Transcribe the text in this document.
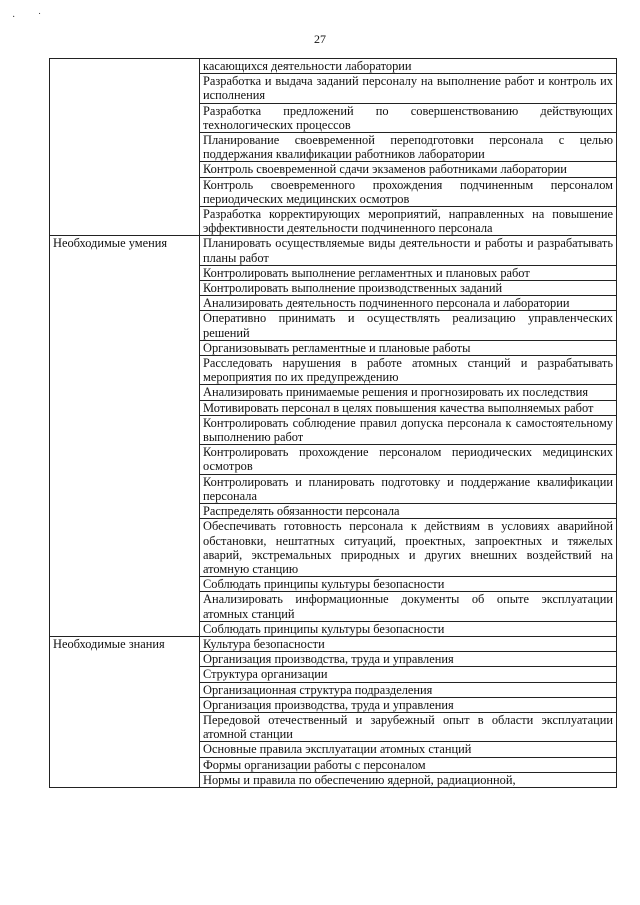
· ˙
27
	касающихся деятельности лаборатории
	Разработка и выдача заданий персоналу на выполнение работ и контроль их исполнения
	Разработка предложений по совершенствованию действующих технологических процессов
	Планирование своевременной переподготовки персонала с целью поддержания квалификации работников лаборатории
	Контроль своевременной сдачи экзаменов работниками лаборатории
	Контроль своевременного прохождения подчиненным персоналом периодических медицинских осмотров
	Разработка корректирующих мероприятий, направленных на повышение эффективности деятельности подчиненного персонала
Необходимые умения	Планировать осуществляемые виды деятельности и работы и разрабатывать планы работ
	Контролировать выполнение регламентных и плановых работ
	Контролировать выполнение производственных заданий
	Анализировать деятельность подчиненного персонала и лаборатории
	Оперативно принимать и осуществлять реализацию управленческих решений
	Организовывать регламентные и плановые работы
	Расследовать нарушения в работе атомных станций и разрабатывать мероприятия по их предупреждению
	Анализировать принимаемые решения и прогнозировать их последствия
	Мотивировать персонал в целях повышения качества выполняемых работ
	Контролировать соблюдение правил допуска персонала к самостоятельному выполнению работ
	Контролировать прохождение персоналом периодических медицинских осмотров
	Контролировать и планировать подготовку и поддержание квалификации персонала
	Распределять обязанности персонала
	Обеспечивать готовность персонала к действиям в условиях аварийной обстановки, нештатных ситуаций, проектных, запроектных и тяжелых аварий, экстремальных природных и других внешних воздействий на атомную станцию
	Соблюдать принципы культуры безопасности
	Анализировать информационные документы об опыте эксплуатации атомных станций
	Соблюдать принципы культуры безопасности
Необходимые знания	Культура безопасности
	Организация производства, труда и управления
	Структура организации
	Организационная структура подразделения
	Организация производства, труда и управления
	Передовой отечественный и зарубежный опыт в области эксплуатации атомной станции
	Основные правила эксплуатации атомных станций
	Формы организации работы с персоналом
	Нормы и правила по обеспечению ядерной, радиационной,
